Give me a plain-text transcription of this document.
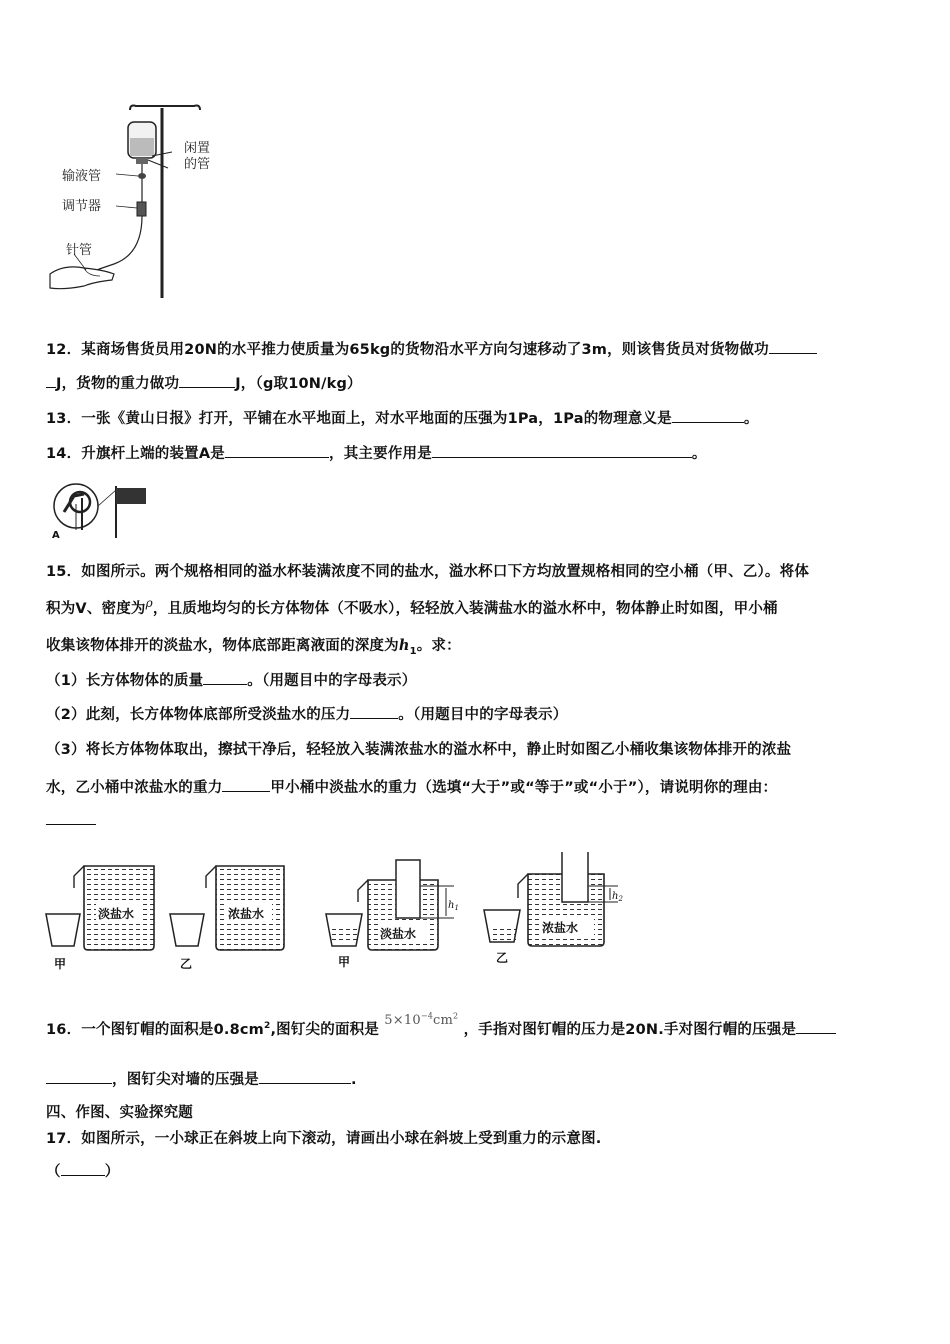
闲置
的管
输液管
调节器
针管
12．某商场售货员用20N的水平推力使质量为65kg的货物沿水平方向匀速移动了3m，则该售货员对货物做功
J，货物的重力做功	J，（g取10N/kg）
13．一张《黄山日报》打开，平铺在水平地面上，对水平地面的压强为1Pa，1Pa的物理意义是	。
14．升旗杆上端的装置A是	，其主要作用是	。
A
15．如图所示。两个规格相同的溢水杯装满浓度不同的盐水，溢水杯口下方均放置规格相同的空小桶（甲、乙）。将体
积为V、密度为$^\rho$，且质地均匀的长方体物体（不吸水），轻轻放入装满盐水的溢水杯中，物体静止时如图，甲小桶
收集该物体排开的淡盐水，物体底部距离液面的深度为$h_1$。求：
（1）长方体物体的质量	。（用题目中的字母表示）
（2）此刻，长方体物体底部所受淡盐水的压力	。（用题目中的字母表示）
（3）将长方体物体取出，擦拭干净后，轻轻放入装满浓盐水的溢水杯中，静止时如图乙小桶收集该物体排开的浓盐
水，乙小桶中浓盐水的重力	甲小桶中淡盐水的重力（选填“大于”或“等于”或“小于”），请说明你的理由：
淡盐水
甲
浓盐水
乙
$h_1$
淡盐水
甲
$h_2$
浓盐水
乙
16．一个图钉帽的面积是$0.8cm^2$,图钉尖的面积是 $5\times 10^{-4}cm^2$ ，手指对图钉帽的压力是20N.手对图行帽的压强是
，图钉尖对墙的压强是	.
四、作图、实验探究题
17．如图所示，一小球正在斜坡上向下滚动，请画出小球在斜坡上受到重力的示意图.
（	）
